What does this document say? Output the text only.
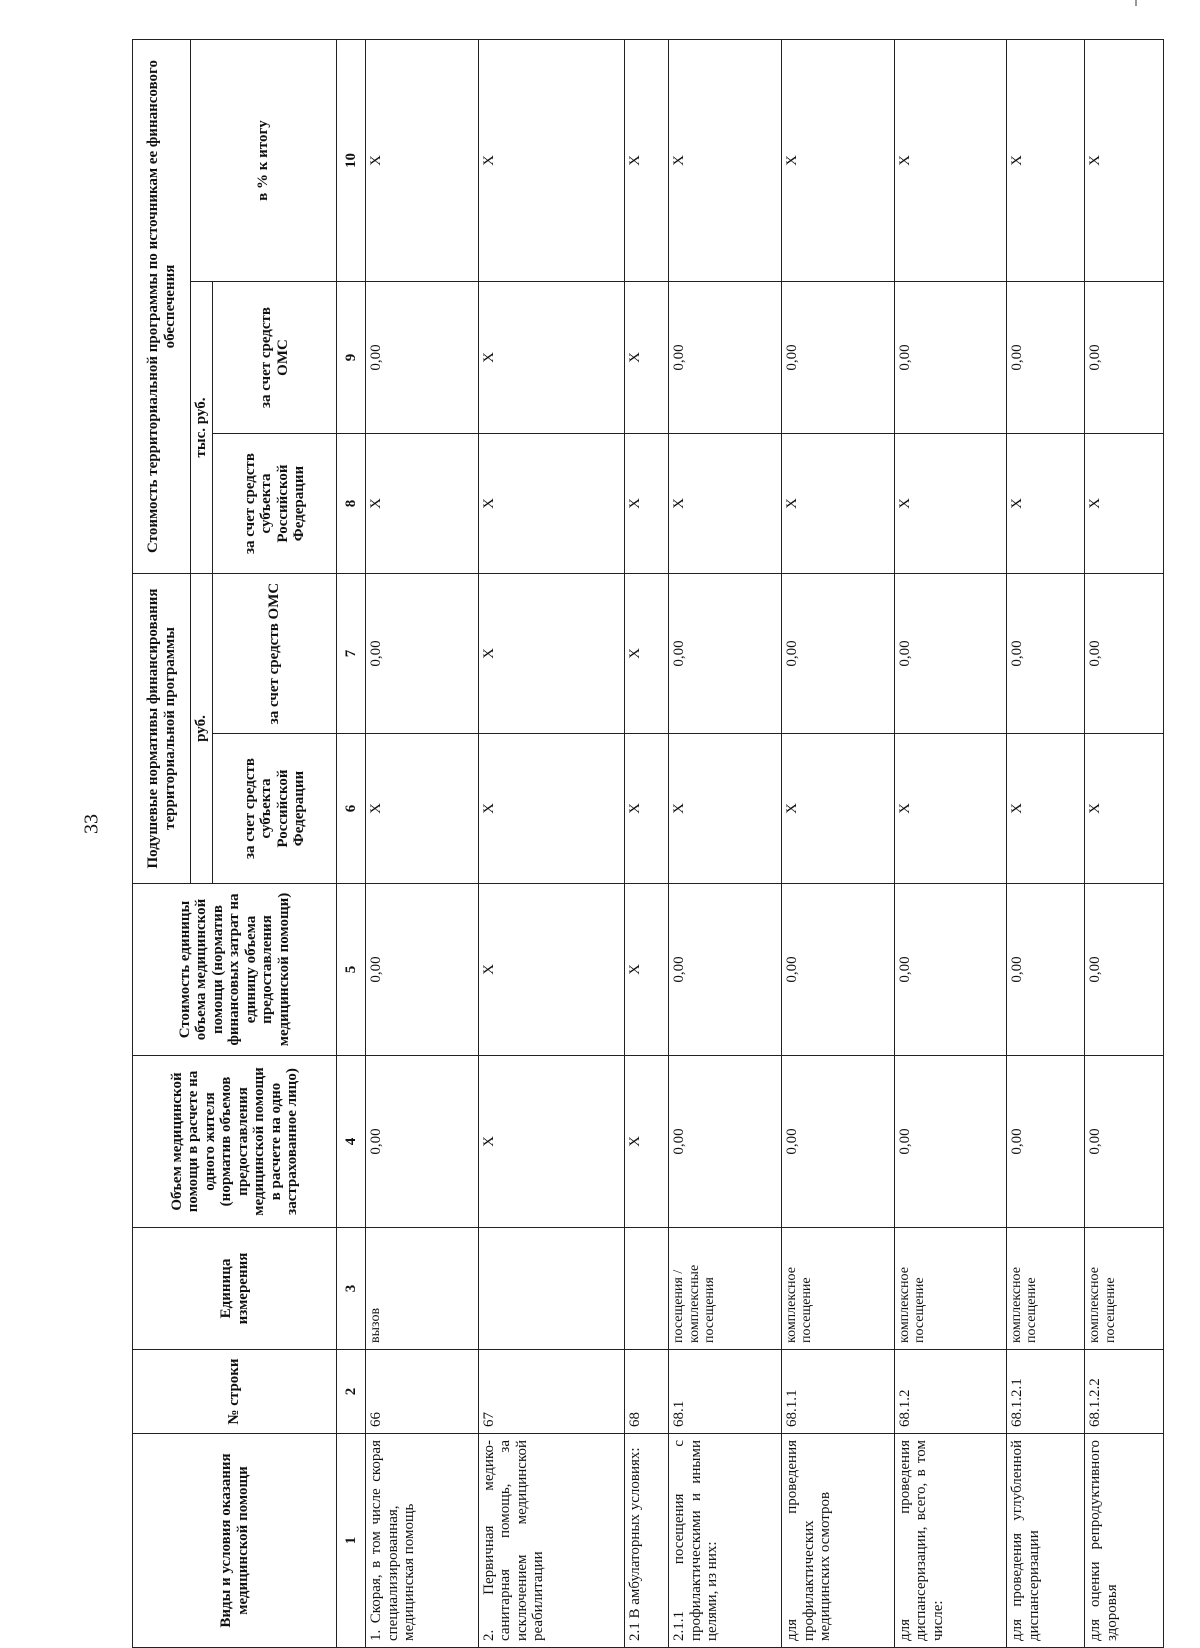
33
Виды и условия оказания медицинской помощи	№ строки	Единица измерения	Объем медицинской помощи в расчете на одного жителя (норматив объемов предоставления медицинской помощи в расчете на одно застрахованное лицо)	Стоимость единицы объема медицинской помощи (норматив финансовых затрат на единицу объема предоставления медицинской помощи)	Подушевые нормативы финансирования территориальной программы		Стоимость территориальной программы по источникам ее финансового обеспечения		
					руб.		тыс. руб.		в % к итогу
					за счет средств субъекта Российской Федерации	за счет средств ОМС	за счет средств субъекта Российской Федерации	за счет средств ОМС	
1	2	3	4	5	6	7	8	9	10
1. Скорая, в том числе скорая специализированная, медицинская помощь	66	вызов	0,00	0,00	X	0,00	X	0,00	X
2. Первичная медико-санитарная помощь, за исключением медицинской реабилитации	67		X	X	X	X	X	X	X
2.1 В амбулаторных условиях:	68		X	X	X	X	X	X	X
2.1.1 посещения с профилактическими и иными целями, из них:	68.1	посещения / комплексные посещения	0,00	0,00	X	0,00	X	0,00	X
для проведения профилактических медицинских осмотров	68.1.1	комплексное посещение	0,00	0,00	X	0,00	X	0,00	X
для проведения диспансеризации, всего, в том числе:	68.1.2	комплексное посещение	0,00	0,00	X	0,00	X	0,00	X
для проведения углубленной диспансеризации	68.1.2.1	комплексное посещение	0,00	0,00	X	0,00	X	0,00	X
для оценки репродуктивного здоровья	68.1.2.2	комплексное посещение	0,00	0,00	X	0,00	X	0,00	X
